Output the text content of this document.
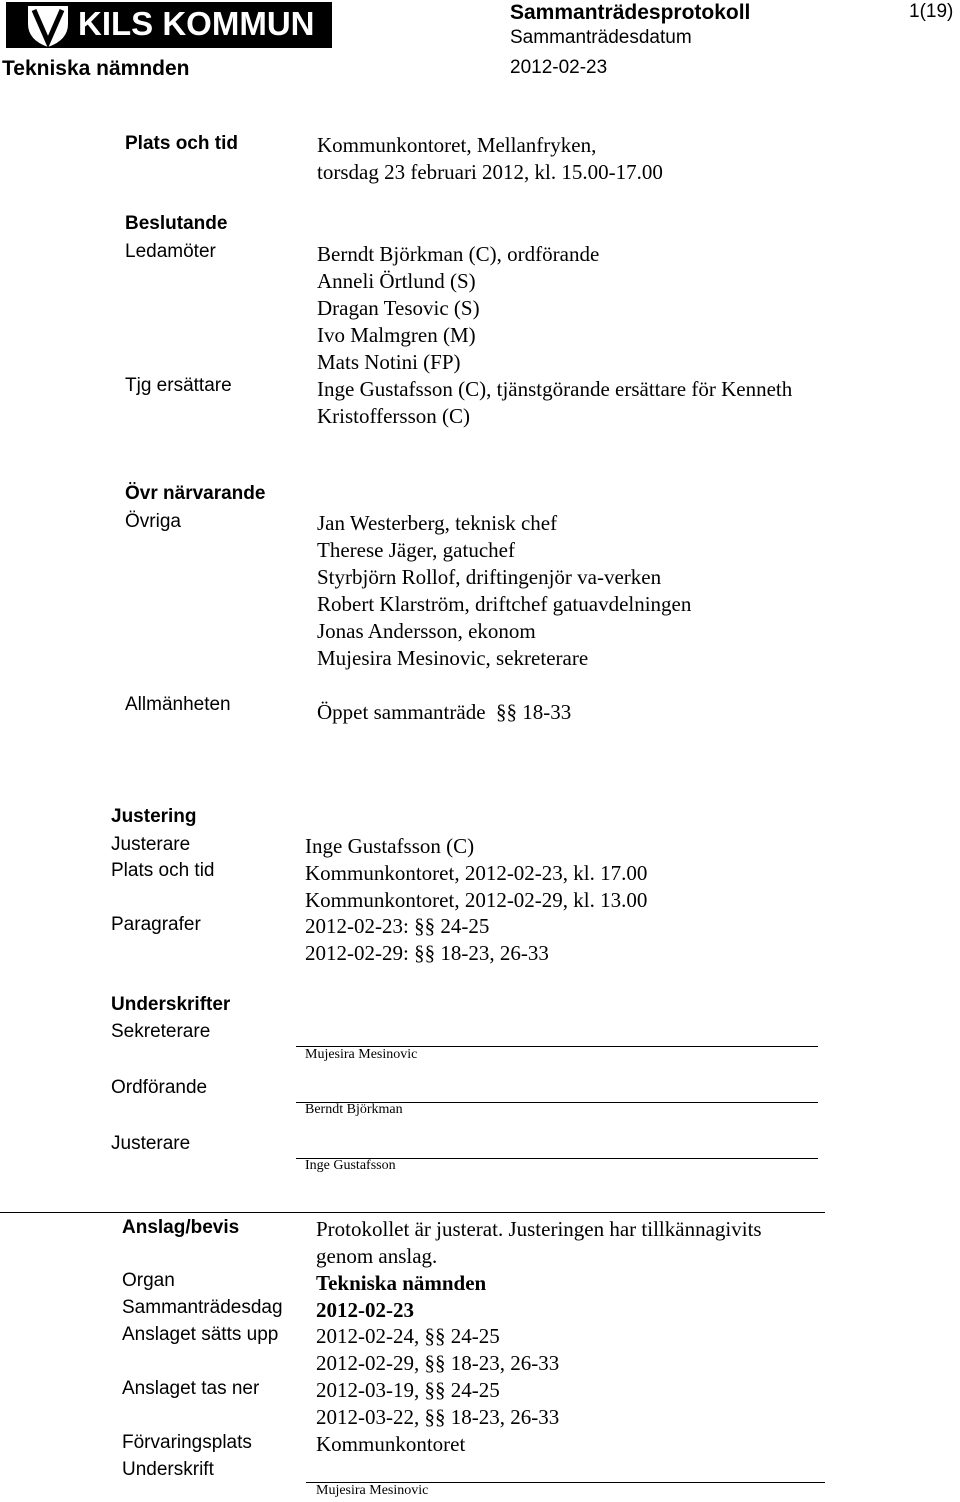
KILS KOMMUN	Sammanträdesprotokoll	1(19)
Sammanträdesdatum
Tekniska nämnden	2012-02-23
Plats och tid	Kommunkontoret, Mellanfryken,
torsdag 23 februari 2012, kl. 15.00-17.00
Beslutande
Ledamöter	Berndt Björkman (C), ordförande
Anneli Örtlund (S)
Dragan Tesovic (S)
Ivo Malmgren (M)
Mats Notini (FP)
Tjg ersättare	Inge Gustafsson (C), tjänstgörande ersättare för Kenneth
Kristoffersson (C)
Övr närvarande
Övriga	Jan Westerberg, teknisk chef
Therese Jäger, gatuchef
Styrbjörn Rollof, driftingenjör va-verken
Robert Klarström, driftchef gatuavdelningen
Jonas Andersson, ekonom
Mujesira Mesinovic, sekreterare
Allmänheten	Öppet sammanträde  §§ 18-33
Justering
Justerare	Inge Gustafsson (C)
Plats och tid	Kommunkontoret, 2012-02-23, kl. 17.00
Kommunkontoret, 2012-02-29, kl. 13.00
Paragrafer	2012-02-23: §§ 24-25
2012-02-29: §§ 18-23, 26-33
Underskrifter
Sekreterare
Mujesira Mesinovic
Ordförande
Berndt Björkman
Justerare
Inge Gustafsson
Anslag/bevis	Protokollet är justerat. Justeringen har tillkännagivits
genom anslag.
Organ	Tekniska nämnden
Sammanträdesdag 2012-02-23
Anslaget sätts upp 2012-02-24, §§ 24-25
2012-02-29, §§ 18-23, 26-33
Anslaget tas ner	2012-03-19, §§ 24-25
2012-03-22, §§ 18-23, 26-33
Förvaringsplats	Kommunkontoret
Underskrift
Mujesira Mesinovic
